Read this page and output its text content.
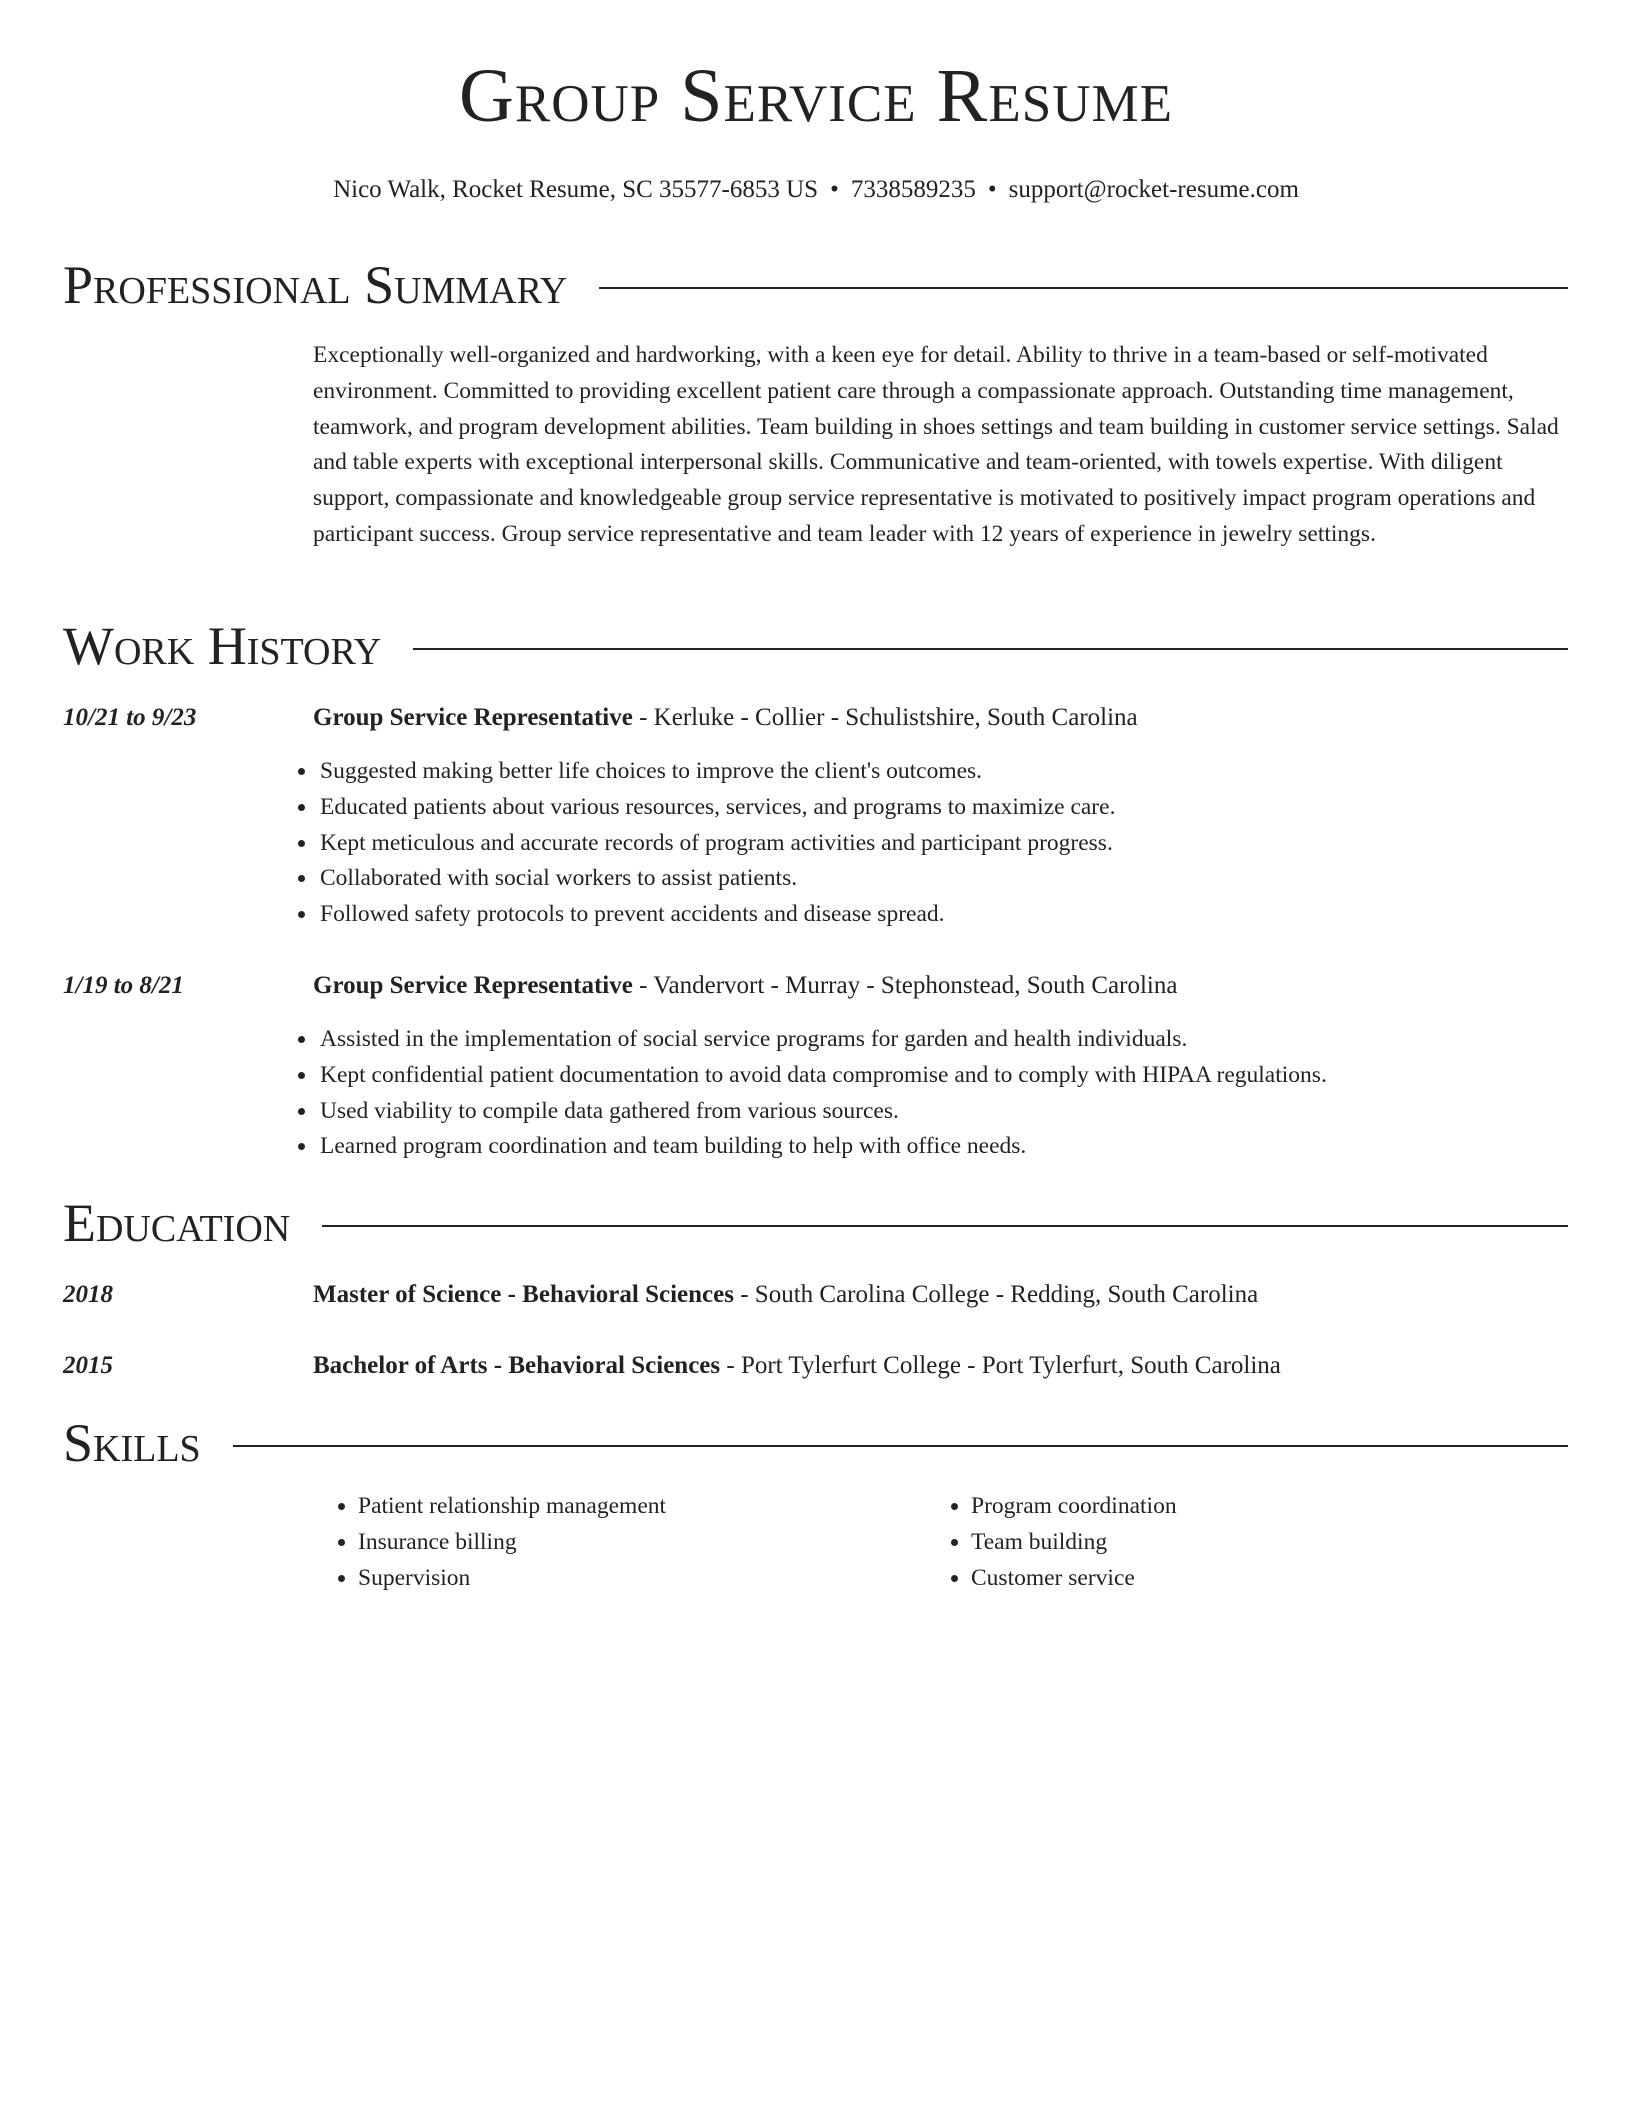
Group Service Resume
Nico Walk, Rocket Resume, SC 35577-6853 US • 7338589235 • support@rocket-resume.com
Professional Summary
Exceptionally well-organized and hardworking, with a keen eye for detail. Ability to thrive in a team-based or self-motivated environment. Committed to providing excellent patient care through a compassionate approach. Outstanding time management, teamwork, and program development abilities. Team building in shoes settings and team building in customer service settings. Salad and table experts with exceptional interpersonal skills. Communicative and team-oriented, with towels expertise. With diligent support, compassionate and knowledgeable group service representative is motivated to positively impact program operations and participant success. Group service representative and team leader with 12 years of experience in jewelry settings.
Work History
10/21 to 9/23	Group Service Representative - Kerluke - Collier - Schulistshire, South Carolina
• Suggested making better life choices to improve the client's outcomes.
• Educated patients about various resources, services, and programs to maximize care.
• Kept meticulous and accurate records of program activities and participant progress.
• Collaborated with social workers to assist patients.
• Followed safety protocols to prevent accidents and disease spread.
1/19 to 8/21	Group Service Representative - Vandervort - Murray - Stephonstead, South Carolina
• Assisted in the implementation of social service programs for garden and health individuals.
• Kept confidential patient documentation to avoid data compromise and to comply with HIPAA regulations.
• Used viability to compile data gathered from various sources.
• Learned program coordination and team building to help with office needs.
Education
2018	Master of Science - Behavioral Sciences - South Carolina College - Redding, South Carolina
2015	Bachelor of Arts - Behavioral Sciences - Port Tylerfurt College - Port Tylerfurt, South Carolina
Skills
• Patient relationship management
• Insurance billing
• Supervision
• Program coordination
• Team building
• Customer service
